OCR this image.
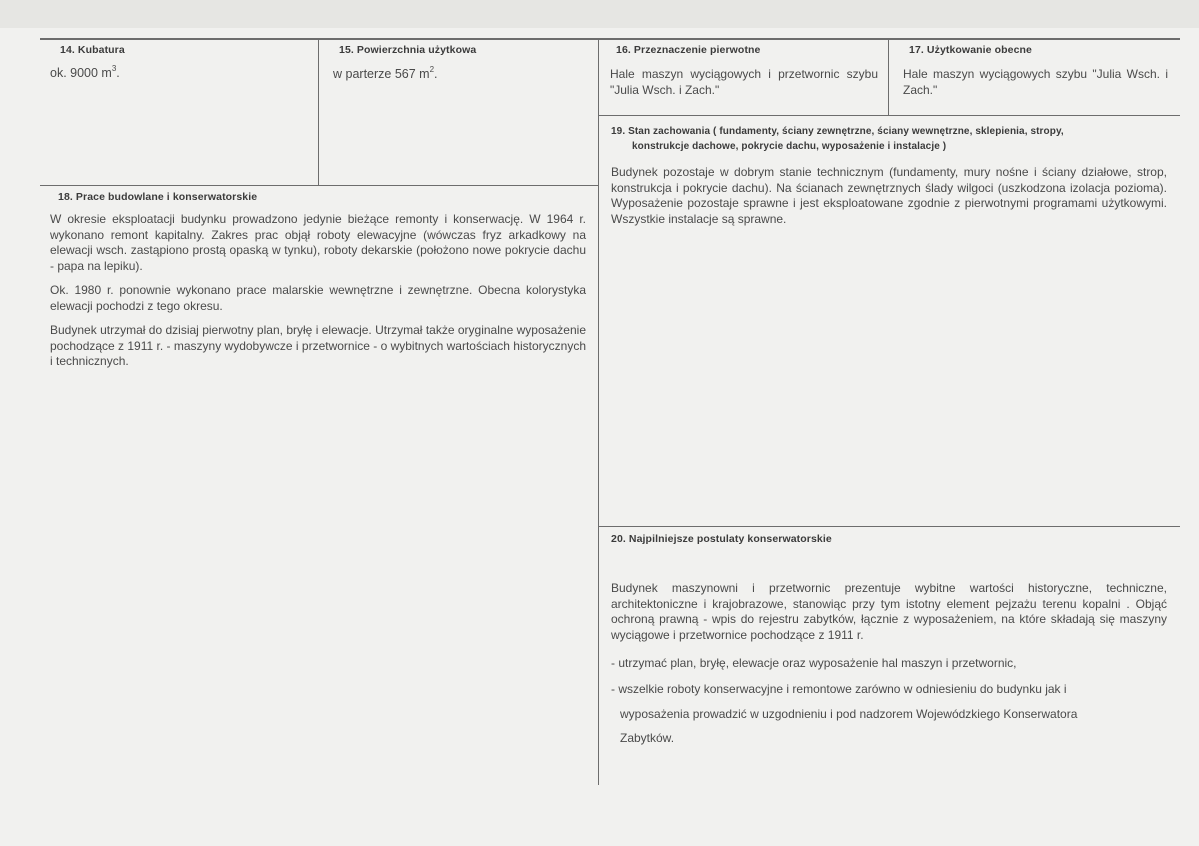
14. Kubatura
ok. 9000 $m^3$.
15. Powierzchnia użytkowa
w parterze 567 $m^2$.
16. Przeznaczenie pierwotne
Hale maszyn wyciągowych i przetwornic szybu "Julia Wsch. i Zach."
17. Użytkowanie obecne
Hale maszyn wyciągowych szybu "Julia Wsch. i Zach."
19. Stan zachowania ( fundamenty, ściany zewnętrzne, ściany wewnętrzne, sklepienia, stropy,
konstrukcje dachowe, pokrycie dachu, wyposażenie i instalacje )
Budynek pozostaje w dobrym stanie technicznym (fundamenty, mury nośne i ściany działowe, strop, konstrukcja i pokrycie dachu). Na ścianach zewnętrznych ślady wilgoci (uszkodzona izolacja pozioma). Wyposażenie pozostaje sprawne i jest eksploatowane zgodnie z pierwotnymi programami użytkowymi. Wszystkie instalacje są sprawne.
18. Prace budowlane i konserwatorskie

W okresie eksploatacji budynku prowadzono jedynie bieżące remonty i konserwację. W 1964 r. wykonano remont kapitalny. Zakres prac objął roboty elewacyjne (wówczas fryz arkadkowy na elewacji wsch. zastąpiono prostą opaską w tynku), roboty dekarskie (położono nowe pokrycie dachu - papa na lepiku).

Ok. 1980 r. ponownie wykonano prace malarskie wewnętrzne i zewnętrzne. Obecna kolorystyka elewacji pochodzi z tego okresu.

Budynek utrzymał do dzisiaj pierwotny plan, bryłę i elewacje. Utrzymał także oryginalne wyposażenie pochodzące z 1911 r. - maszyny wydobywcze i przetwornice - o wybitnych wartościach historycznych i technicznych.

20. Najpilniejsze postulaty konserwatorskie
Budynek maszynowni i przetwornic prezentuje wybitne wartości historyczne, techniczne, architektoniczne i krajobrazowe, stanowiąc przy tym istotny element pejzażu terenu kopalni . Objąć ochroną prawną - wpis do rejestru zabytków, łącznie z wyposażeniem, na które składają się maszyny wyciągowe i przetwornice pochodzące z 1911 r.
- utrzymać plan, bryłę, elewacje oraz wyposażenie hal maszyn i przetwornic,
- wszelkie roboty konserwacyjne i remontowe zarówno w odniesieniu do budynku jak i
wyposażenia prowadzić w uzgodnieniu i pod nadzorem Wojewódzkiego Konserwatora
Zabytków.
